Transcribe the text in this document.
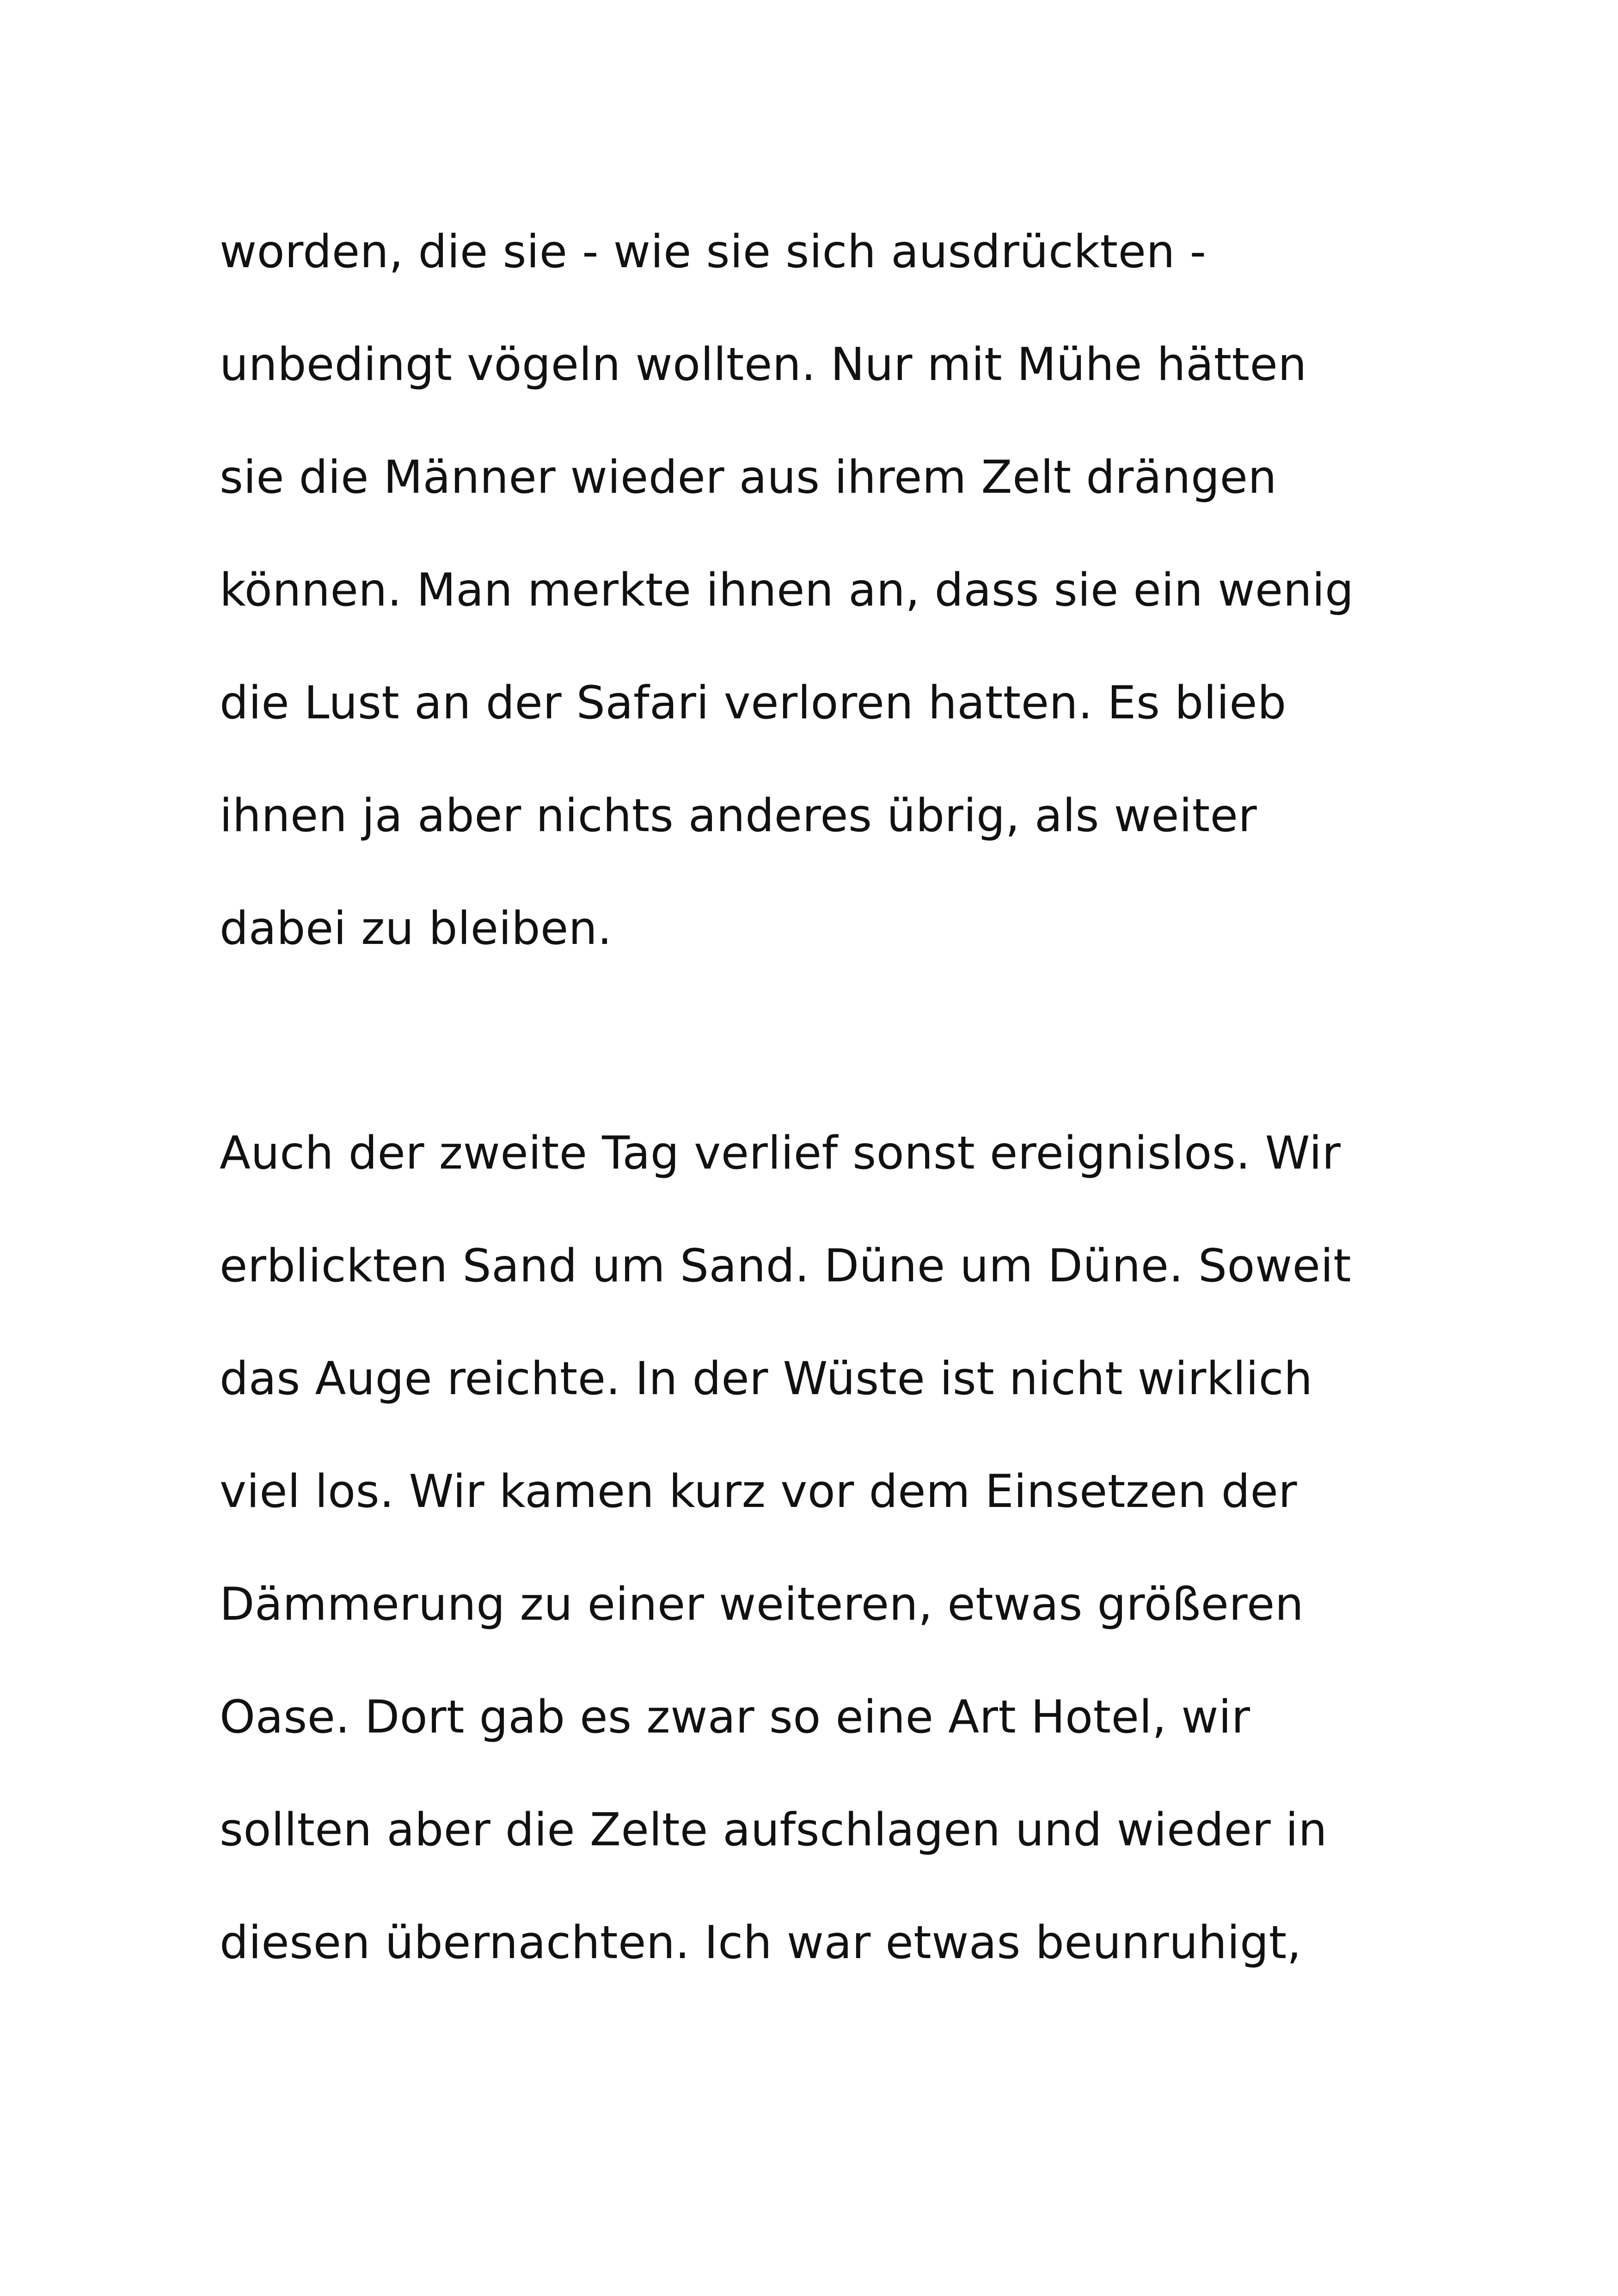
worden, die sie - wie sie sich ausdrückten -
unbedingt vögeln wollten. Nur mit Mühe hätten
sie die Männer wieder aus ihrem Zelt drängen
können. Man merkte ihnen an, dass sie ein wenig
die Lust an der Safari verloren hatten. Es blieb
ihnen ja aber nichts anderes übrig, als weiter
dabei zu bleiben.

Auch der zweite Tag verlief sonst ereignislos. Wir
erblickten Sand um Sand. Düne um Düne. Soweit
das Auge reichte. In der Wüste ist nicht wirklich
viel los. Wir kamen kurz vor dem Einsetzen der
Dämmerung zu einer weiteren, etwas größeren
Oase. Dort gab es zwar so eine Art Hotel, wir
sollten aber die Zelte aufschlagen und wieder in
diesen übernachten. Ich war etwas beunruhigt,
